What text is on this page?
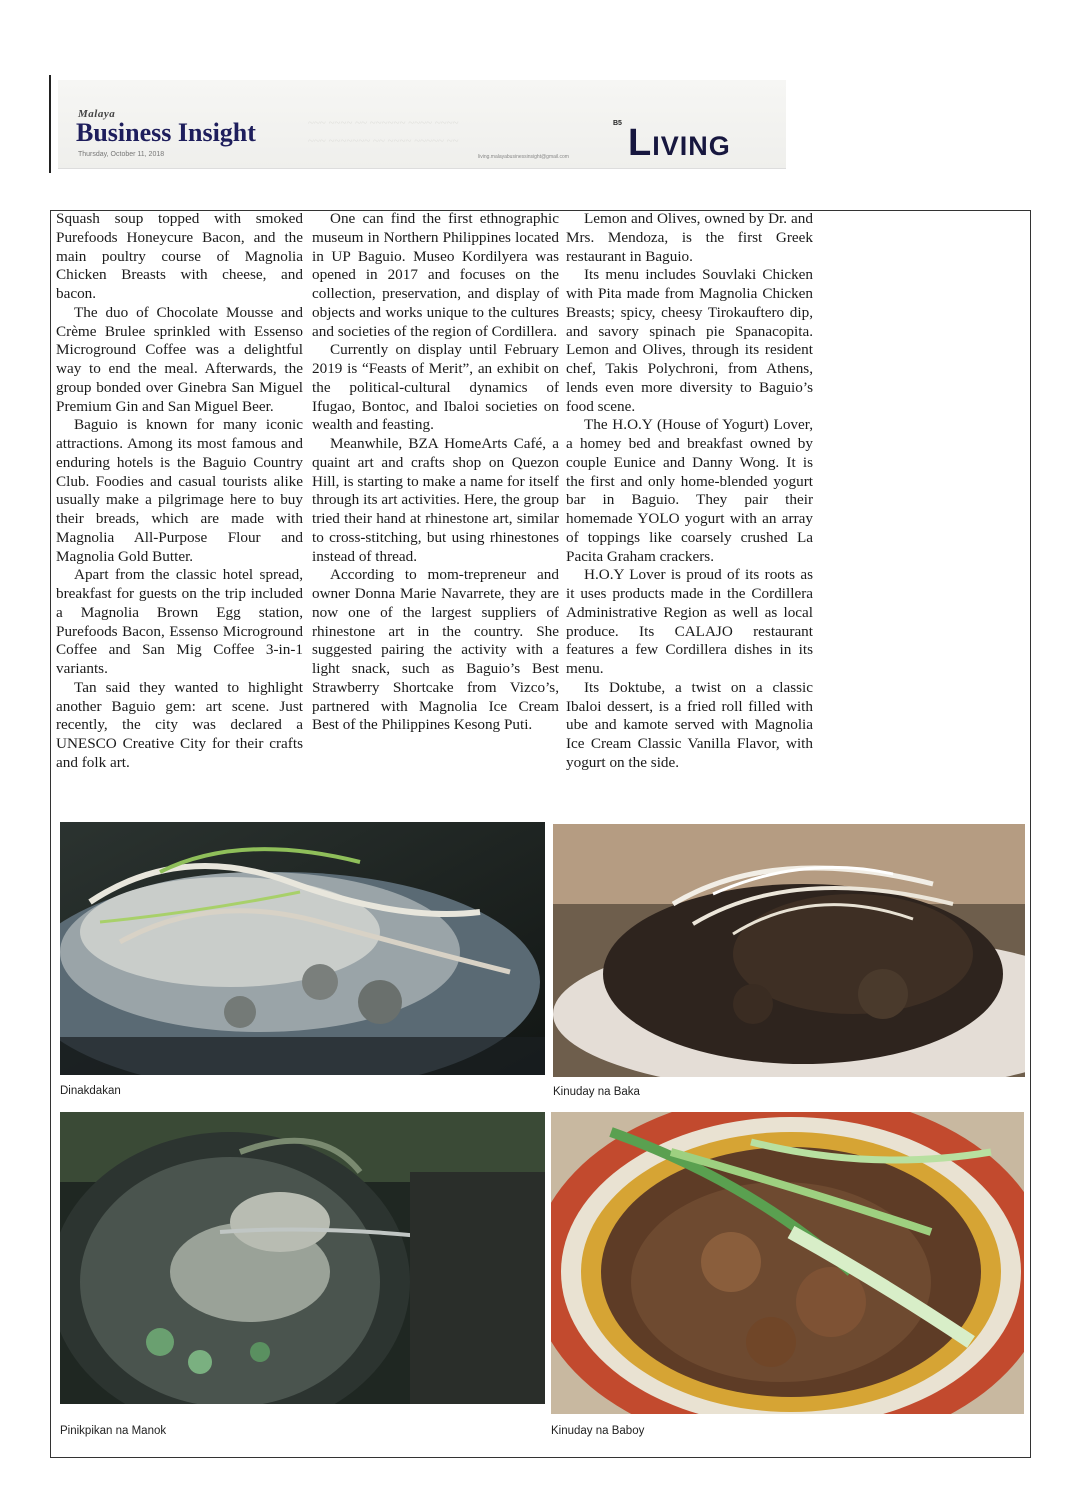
~~~ ~~~~ ~~ ~~~~~~ ~~~~ ~~~~
~~~ ~~~~~~~ ~~ ~~~~ ~~~~~ ~~
Malaya
Business Insight
Thursday, October 11, 2018	living.malayabusinessinsight@gmail.com
B5 LIVING

Squash soup topped with smoked Purefoods Honeycure Bacon, and the main poultry course of Magnolia Chicken Breasts with cheese, and bacon.

The duo of Chocolate Mousse and Crème Brulee sprinkled with Essenso Microground Coffee was a delightful way to end the meal. Afterwards, the group bonded over Ginebra San Miguel Premium Gin and San Miguel Beer.

Baguio is known for many iconic attractions. Among its most famous and enduring hotels is the Baguio Country Club. Foodies and casual tourists alike usually make a pilgrimage here to buy their breads, which are made with Magnolia All-Purpose Flour and Magnolia Gold Butter.

Apart from the classic hotel spread, breakfast for guests on the trip included a Magnolia Brown Egg station, Purefoods Bacon, Essenso Microground Coffee and San Mig Coffee 3-in-1 variants.

Tan said they wanted to highlight another Baguio gem: art scene. Just recently, the city was declared a UNESCO Creative City for their crafts and folk art.

One can find the first ethnographic museum in Northern Philippines located in UP Baguio. Museo Kordilyera was opened in 2017 and focuses on the collection, preservation, and display of objects and works unique to the cultures and societies of the region of Cordillera.

Currently on display until February 2019 is “Feasts of Merit”, an exhibit on the political-cultural dynamics of Ifugao, Bontoc, and Ibaloi societies on wealth and feasting.

Meanwhile, BZA HomeArts Café, a quaint art and crafts shop on Quezon Hill, is starting to make a name for itself through its art activities. Here, the group tried their hand at rhinestone art, similar to cross-stitching, but using rhinestones instead of thread.

According to mom-trepreneur and owner Donna Marie Navarrete, they are now one of the largest suppliers of rhinestone art in the country. She suggested pairing the activity with a light snack, such as Baguio’s Best Strawberry Shortcake from Vizco’s, partnered with Magnolia Ice Cream Best of the Philippines Kesong Puti.

Lemon and Olives, owned by Dr. and Mrs. Mendoza, is the first Greek restaurant in Baguio.

Its menu includes Souvlaki Chicken with Pita made from Magnolia Chicken Breasts; spicy, cheesy Tirokauftero dip, and savory spinach pie Spanacopita. Lemon and Olives, through its resident chef, Takis Polychroni, from Athens, lends even more diversity to Baguio’s food scene.

The H.O.Y (House of Yogurt) Lover, a homey bed and breakfast owned by couple Eunice and Danny Wong. It is the first and only home-blended yogurt bar in Baguio. They pair their homemade YOLO yogurt with an array of toppings like coarsely crushed La Pacita Graham crackers.

H.O.Y Lover is proud of its roots as it uses products made in the Cordillera Administrative Region as well as local produce. Its CALAJO restaurant features a few Cordillera dishes in its menu.

Its Doktube, a twist on a classic Ibaloi dessert, is a fried roll filled with ube and kamote served with Magnolia Ice Cream Classic Vanilla Flavor, with yogurt on the side.

Dinakdakan	Kinuday na Baka
Pinikpikan na Manok	Kinuday na Baboy
